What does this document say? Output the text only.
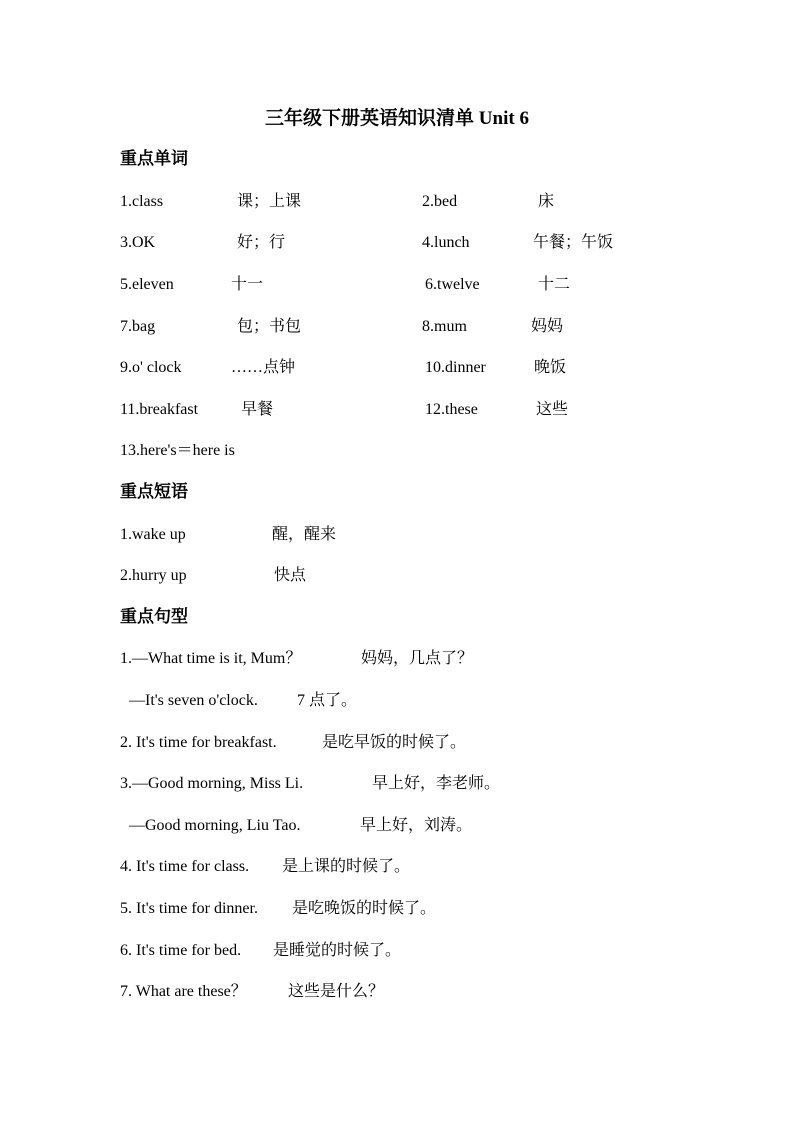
三年级下册英语知识清单 Unit 6
重点单词
1.class	课；上课	2.bed	床
3.OK	好；行	4.lunch	午餐；午饭
5.eleven	十一	6.twelve	十二
7.bag	包；书包	8.mum	妈妈
9.o' clock	……点钟	10.dinner	晚饭
11.breakfast	早餐	12.these	这些
13.here's＝here is
重点短语
1.wake up	醒，醒来
2.hurry up	快点
重点句型
1.—What time is it, Mum？	妈妈，几点了？
—It's seven o'clock. 7 点了。
2. It's time for breakfast.	是吃早饭的时候了。
3.—Good morning, Miss Li.	早上好，李老师。
—Good morning, Liu Tao.	早上好，刘涛。
4. It's time for class. 是上课的时候了。
5. It's time for dinner. 是吃晚饭的时候了。
6. It's time for bed. 是睡觉的时候了。
7. What are these？	这些是什么？
